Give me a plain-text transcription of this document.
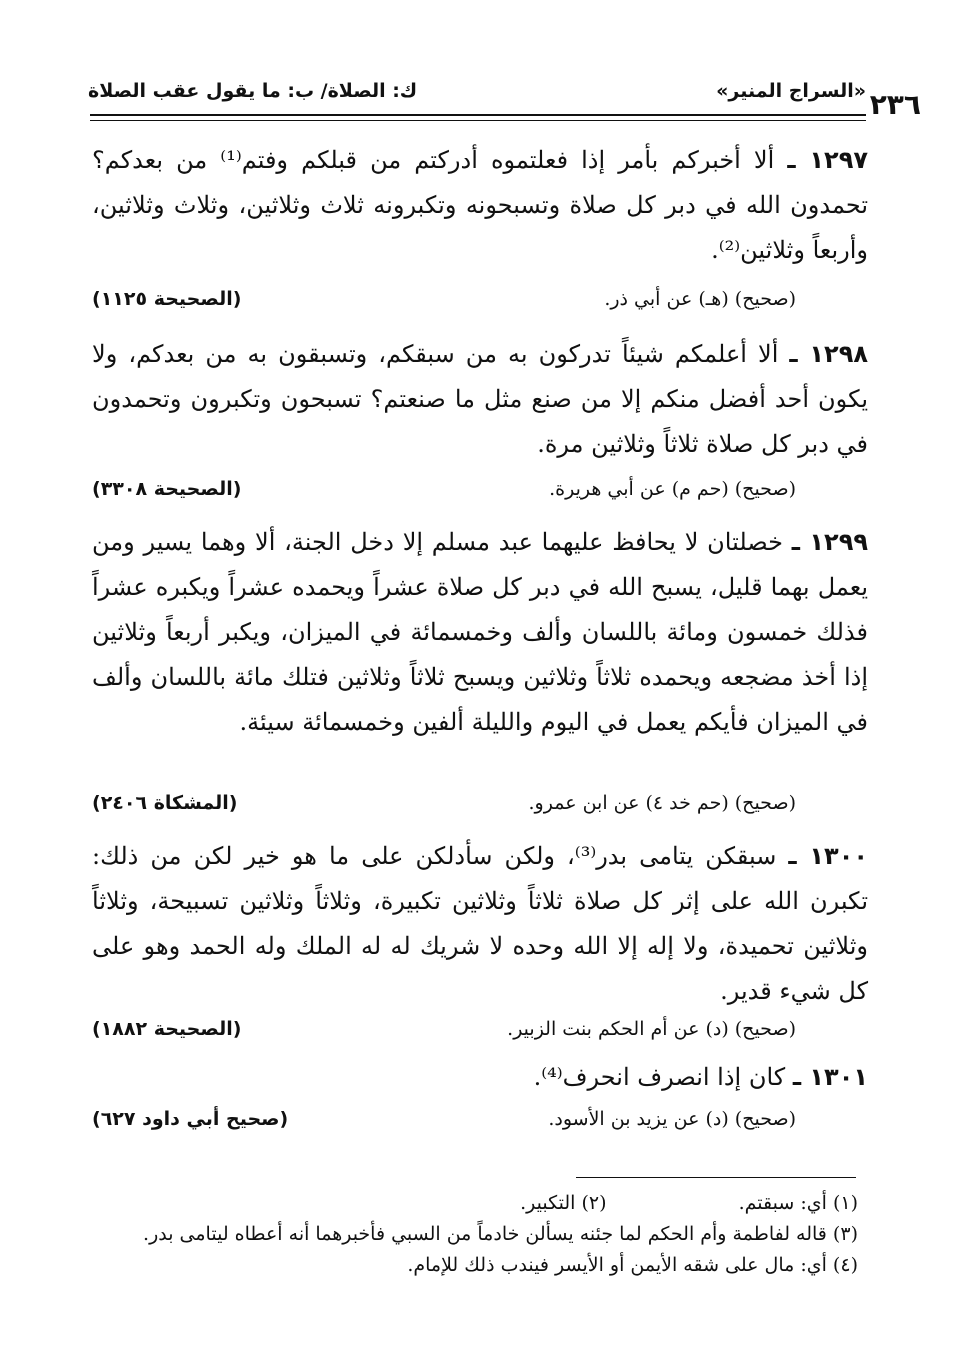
٢٣٦
«السراج المنير»
ك: الصلاة/ ب: ما يقول عقب الصلاة
١٢٩٧ ـ ألا أخبركم بأمر إذا فعلتموه أدركتم من قبلكم وفتم⁽¹⁾ من بعدكم؟ تحمدون الله في دبر كل صلاة وتسبحونه وتكبرونه ثلاث وثلاثين، وثلاث وثلاثين، وأربعاً وثلاثين⁽²⁾.
(صحيح) (هـ) عن أبي ذر.
(الصحيحة ١١٢٥)
١٢٩٨ ـ ألا أعلمكم شيئاً تدركون به من سبقكم، وتسبقون به من بعدكم، ولا يكون أحد أفضل منكم إلا من صنع مثل ما صنعتم؟ تسبحون وتكبرون وتحمدون في دبر كل صلاة ثلاثاً وثلاثين مرة.
(صحيح) (حم م) عن أبي هريرة.
(الصحيحة ٣٣٠٨)
١٢٩٩ ـ خصلتان لا يحافظ عليهما عبد مسلم إلا دخل الجنة، ألا وهما يسير ومن يعمل بهما قليل، يسبح الله في دبر كل صلاة عشراً ويحمده عشراً ويكبره عشراً فذلك خمسون ومائة باللسان وألف وخمسمائة في الميزان، ويكبر أربعاً وثلاثين إذا أخذ مضجعه ويحمده ثلاثاً وثلاثين ويسبح ثلاثاً وثلاثين فتلك مائة باللسان وألف في الميزان فأيكم يعمل في اليوم والليلة ألفين وخمسمائة سيئة.
(صحيح) (حم خد ٤) عن ابن عمرو.
(المشكاة ٢٤٠٦)
١٣٠٠ ـ سبقكن يتامى بدر⁽³⁾، ولكن سأدلكن على ما هو خير لكن من ذلك: تكبرن الله على إثر كل صلاة ثلاثاً وثلاثين تكبيرة، وثلاثاً وثلاثين تسبيحة، وثلاثاً وثلاثين تحميدة، ولا إله إلا الله وحده لا شريك له له الملك وله الحمد وهو على كل شيء قدير.
(صحيح) (د) عن أم الحكم بنت الزبير.
(الصحيحة ١٨٨٢)
١٣٠١ ـ كان إذا انصرف انحرف⁽⁴⁾.
(صحيح) (د) عن يزيد بن الأسود.
(صحيح أبي داود ٦٢٧)
(١) أي: سبقتم.  (٢) التكبير.
(٣) قاله لفاطمة وأم الحكم لما جئنه يسألن خادماً من السبي فأخبرهما أنه أعطاه ليتامى بدر.
(٤) أي: مال على شقه الأيمن أو الأيسر فيندب ذلك للإمام.
